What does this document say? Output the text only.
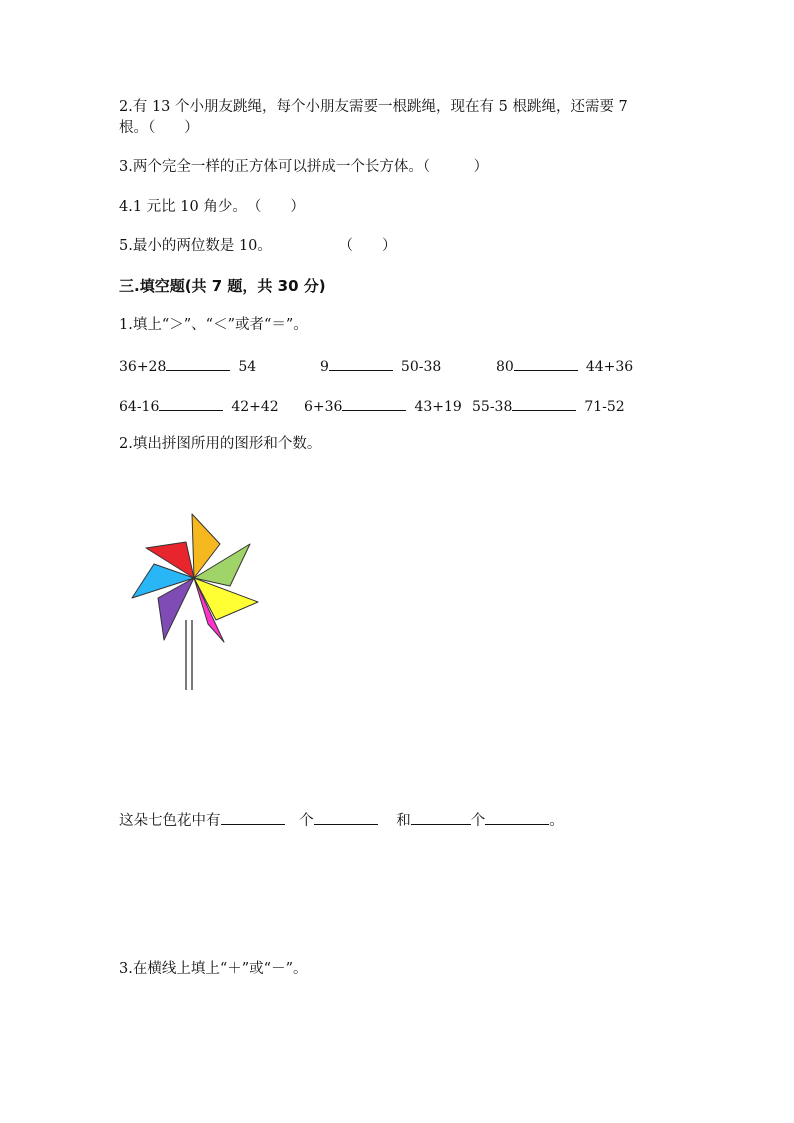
2.有 13 个小朋友跳绳，每个小朋友需要一根跳绳，现在有 5 根跳绳，还需要 7
根。（　　）
3.两个完全一样的正方体可以拼成一个长方体。（　　　）
4.1 元比 10 角少。　（　　）
5.最小的两位数是 10。	（　　）
三.填空题(共 7 题，共 30 分)
1.填上“＞”、“＜”或者“＝”。
36+28	54	9	50-38	80	44+36
64-16	42+42 6+36	43+19 55-38	71-52
2.填出拼图所用的图形和个数。
这朵七色花中有	个	和	个	。
3.在横线上填上“＋”或“－”。
